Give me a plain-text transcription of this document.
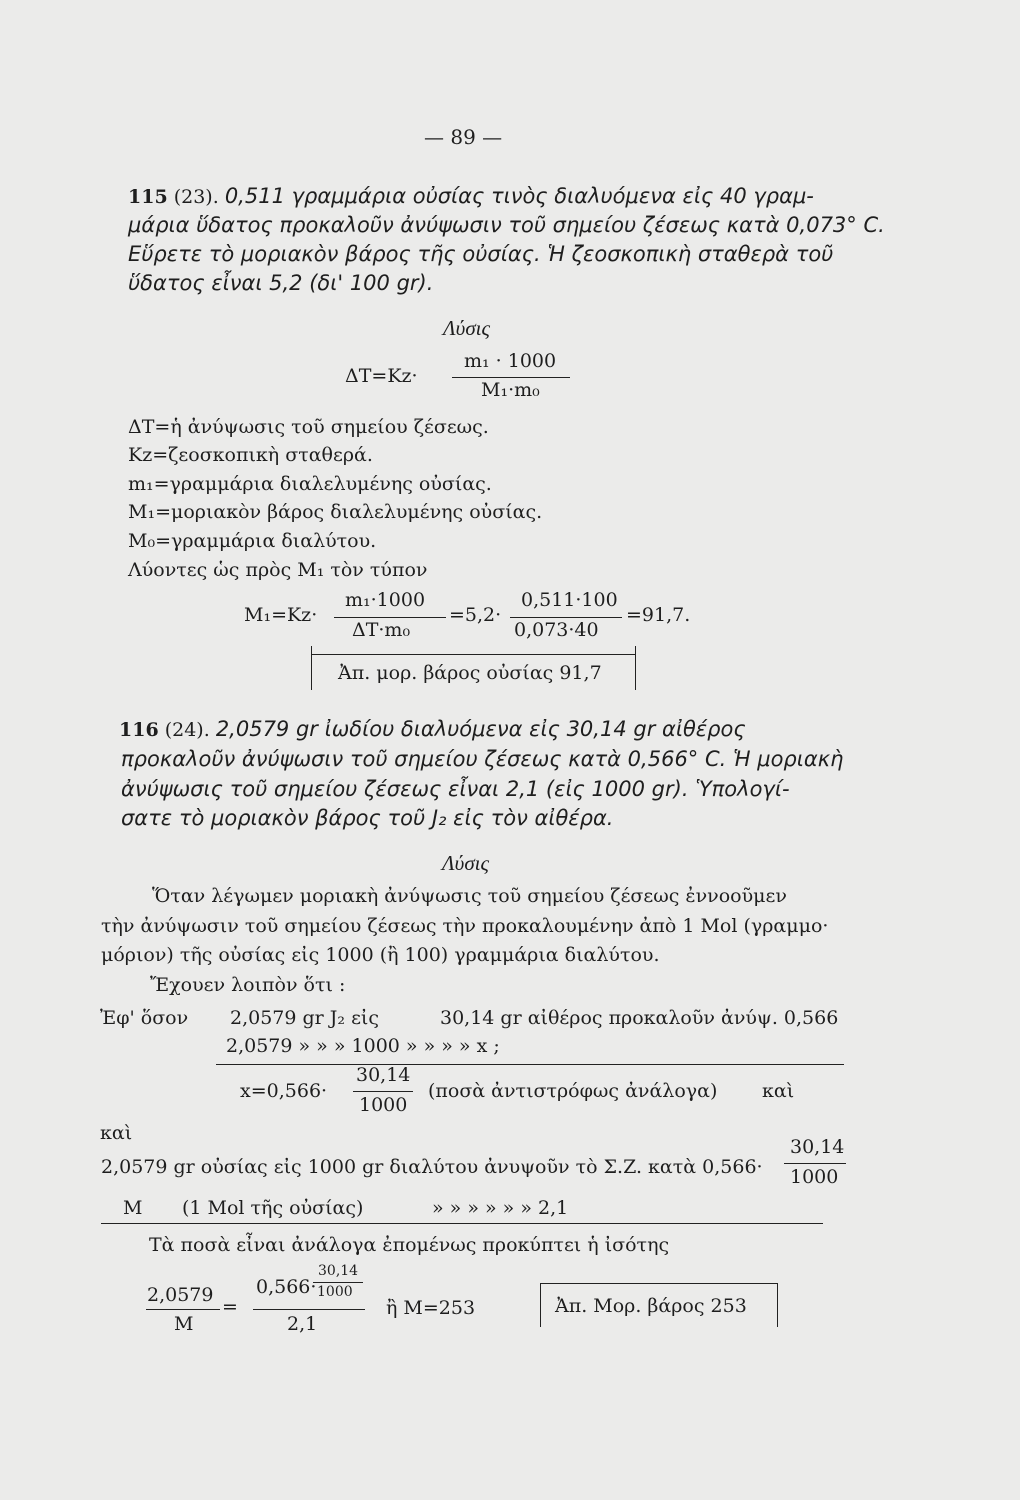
— 89 —
115 (23). 0,511 γραμμάρια οὐσίας τινὸς διαλυόμενα εἰς 40 γραμ-
μάρια ὕδατος προκαλοῦν ἀνύψωσιν τοῦ σημείου ζέσεως κατὰ 0,073° C.
Εὕρετε τὸ μοριακὸν βάρος τῆς οὐσίας. Ἡ ζεοσκοπικὴ σταθερὰ τοῦ
ὕδατος εἶναι 5,2 (δι' 100 gr).
Λύσις
ΔT=Kz·
m₁ · 1000
M₁·m₀
ΔT=ἡ ἀνύψωσις τοῦ σημείου ζέσεως.
Kz=ζεοσκοπικὴ σταθερά.
m₁=γραμμάρια διαλελυμένης οὐσίας.
M₁=μοριακὸν βάρος διαλελυμένης οὐσίας.
M₀=γραμμάρια διαλύτου.
Λύοντες ὡς πρὸς M₁ τὸν τύπον
M₁=Kz·
m₁·1000
ΔT·m₀
=5,2·
0,511·100
0,073·40
=91,7.
Ἀπ. μορ. βάρος οὐσίας 91,7
116 (24). 2,0579 gr ἰωδίου διαλυόμενα εἰς 30,14 gr αἰθέρος
προκαλοῦν ἀνύψωσιν τοῦ σημείου ζέσεως κατὰ 0,566° C. Ἡ μοριακὴ
ἀνύψωσις τοῦ σημείου ζέσεως εἶναι 2,1 (εἰς 1000 gr). Ὑπολογί-
σατε τὸ μοριακὸν βάρος τοῦ J₂ εἰς τὸν αἰθέρα.
Λύσις
Ὅταν λέγωμεν μοριακὴ ἀνύψωσις τοῦ σημείου ζέσεως ἐννοοῦμεν
τὴν ἀνύψωσιν τοῦ σημείου ζέσεως τὴν προκαλουμένην ἀπὸ 1 Mol (γραμμο·
μόριον) τῆς οὐσίας εἰς 1000 (ἢ 100) γραμμάρια διαλύτου.
Ἔχουεν λοιπὸν ὅτι :
Ἐφ' ὅσον 2,0579 gr J₂ εἰς	30,14 gr αἰθέρος προκαλοῦν ἀνύψ. 0,566
2,0579 » » » 1000 » » » » x ;
x=0,566·
30,14
1000
(ποσὰ ἀντιστρόφως ἀνάλογα) καὶ
καὶ
2,0579 gr οὐσίας εἰς 1000 gr διαλύτου ἀνυψοῦν τὸ Σ.Z. κατὰ 0,566·
30,14
1000
M (1 Mol τῆς οὐσίας)	» » » » » » 2,1
Τὰ ποσὰ εἶναι ἀνάλογα ἐπομένως προκύπτει ἡ ἰσότης
2,0579
M
=
0,566·
30,14
1000
2,1
ἢ M=253	Ἀπ. Μορ. βάρος 253
